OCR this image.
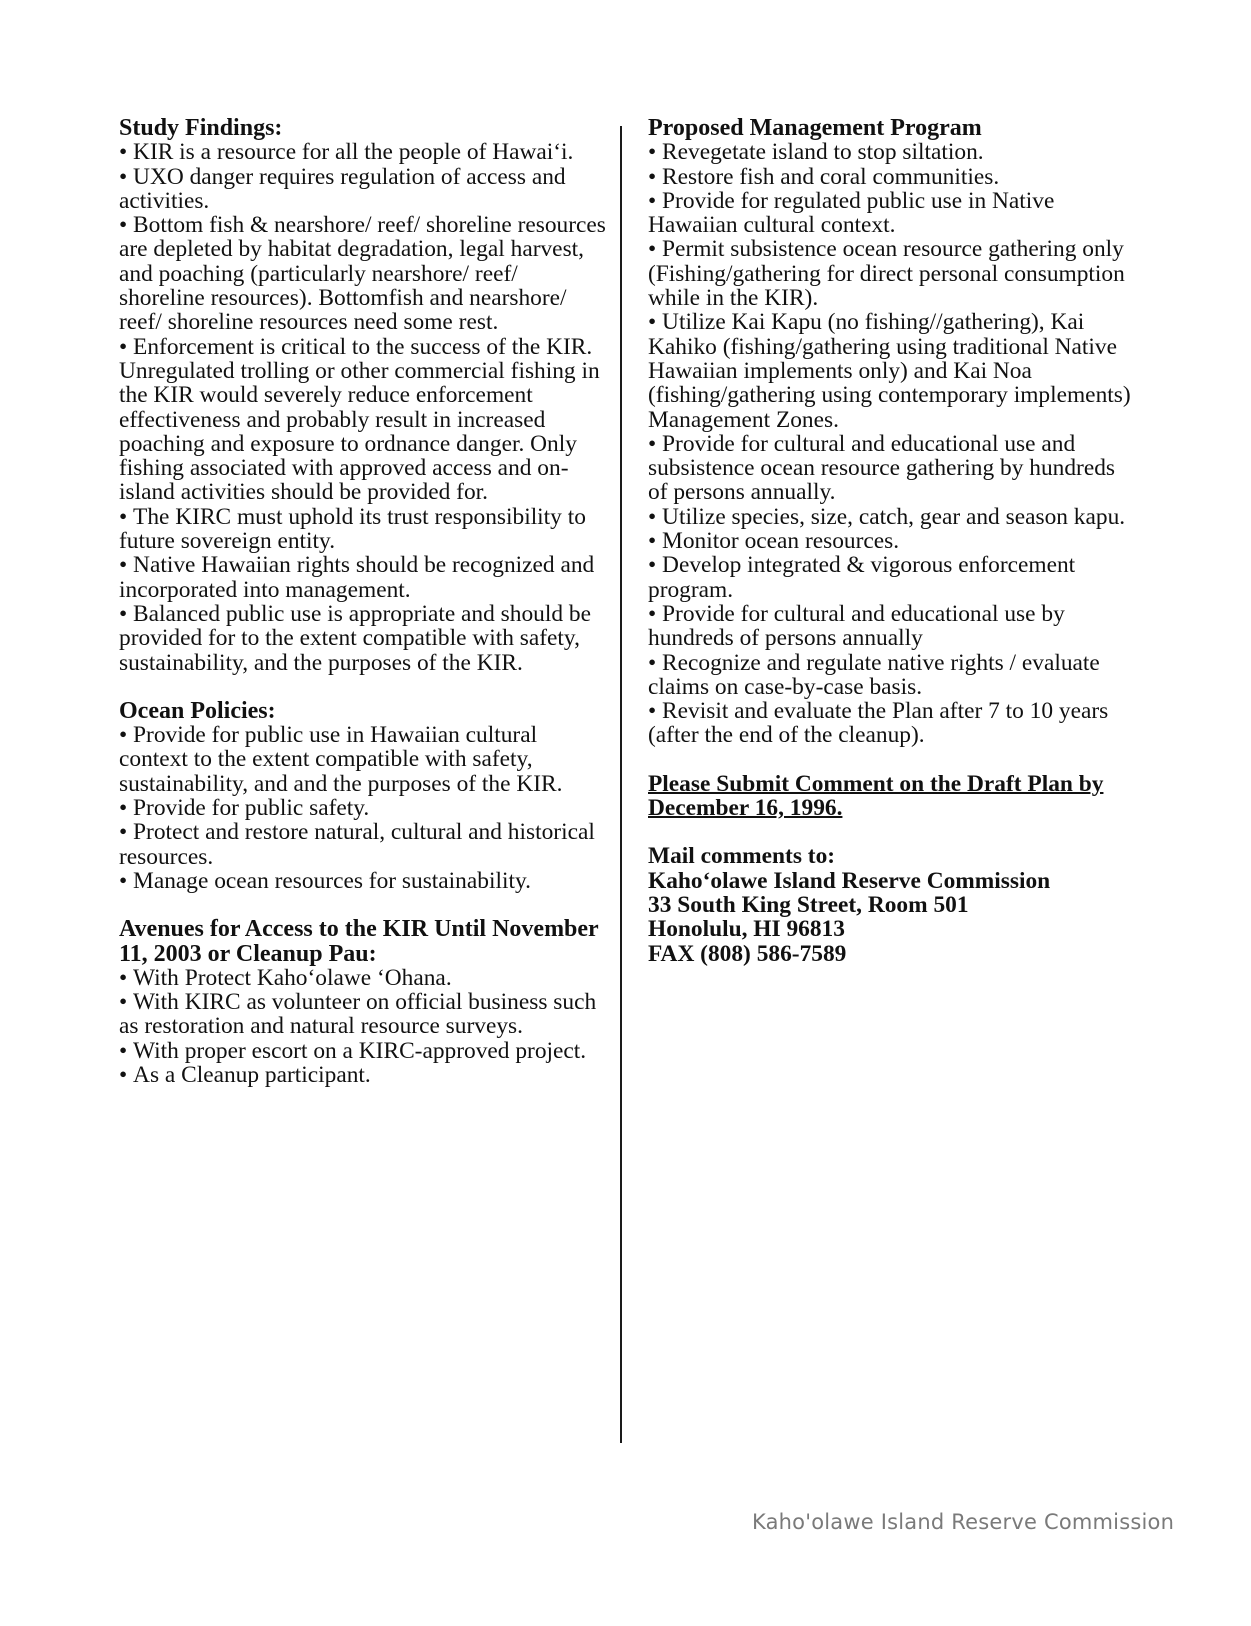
Study Findings:

• KIR is a resource for all the people of Hawai‘i.

• UXO danger requires regulation of access and activities.

• Bottom fish & nearshore/ reef/ shoreline resources are depleted by habitat degradation, legal harvest, and poaching (particularly nearshore/ reef/ shoreline resources). Bottomfish and nearshore/ reef/ shoreline resources need some rest.

• Enforcement is critical to the success of the KIR. Unregulated trolling or other commercial fishing in the KIR would severely reduce enforcement effectiveness and probably result in increased poaching and exposure to ordnance danger. Only fishing associated with approved access and on-island activities should be provided for.

• The KIRC must uphold its trust responsibility to future sovereign entity.

• Native Hawaiian rights should be recognized and incorporated into management.

• Balanced public use is appropriate and should be provided for to the extent compatible with safety, sustainability, and the purposes of the KIR.

Ocean Policies:

• Provide for public use in Hawaiian cultural context to the extent compatible with safety, sustainability, and and the purposes of the KIR.

• Provide for public safety.

• Protect and restore natural, cultural and historical resources.

• Manage ocean resources for sustainability.

Avenues for Access to the KIR Until November 11, 2003 or Cleanup Pau:

• With Protect Kaho‘olawe ‘Ohana.

• With KIRC as volunteer on official business such as restoration and natural resource surveys.

• With proper escort on a KIRC-approved project.

• As a Cleanup participant.

Proposed Management Program

• Revegetate island to stop siltation.

• Restore fish and coral communities.

• Provide for regulated public use in Native Hawaiian cultural context.

• Permit subsistence ocean resource gathering only (Fishing/gathering for direct personal consumption while in the KIR).

• Utilize Kai Kapu (no fishing//gathering), Kai Kahiko (fishing/gathering using traditional Native Hawaiian implements only) and Kai Noa (fishing/gathering using contemporary implements) Management Zones.

• Provide for cultural and educational use and subsistence ocean resource gathering by hundreds of persons annually.

• Utilize species, size, catch, gear and season kapu.

• Monitor ocean resources.

• Develop integrated & vigorous enforcement program.

• Provide for cultural and educational use by hundreds of persons annually

• Recognize and regulate native rights / evaluate claims on case-by-case basis.

• Revisit and evaluate the Plan after 7 to 10 years (after the end of the cleanup).

Please Submit Comment on the Draft Plan by December 16, 1996.

Mail comments to:

Kaho‘olawe Island Reserve Commission

33 South King Street, Room 501

Honolulu, HI 96813

FAX (808) 586-7589

Kaho'olawe Island Reserve Commission
